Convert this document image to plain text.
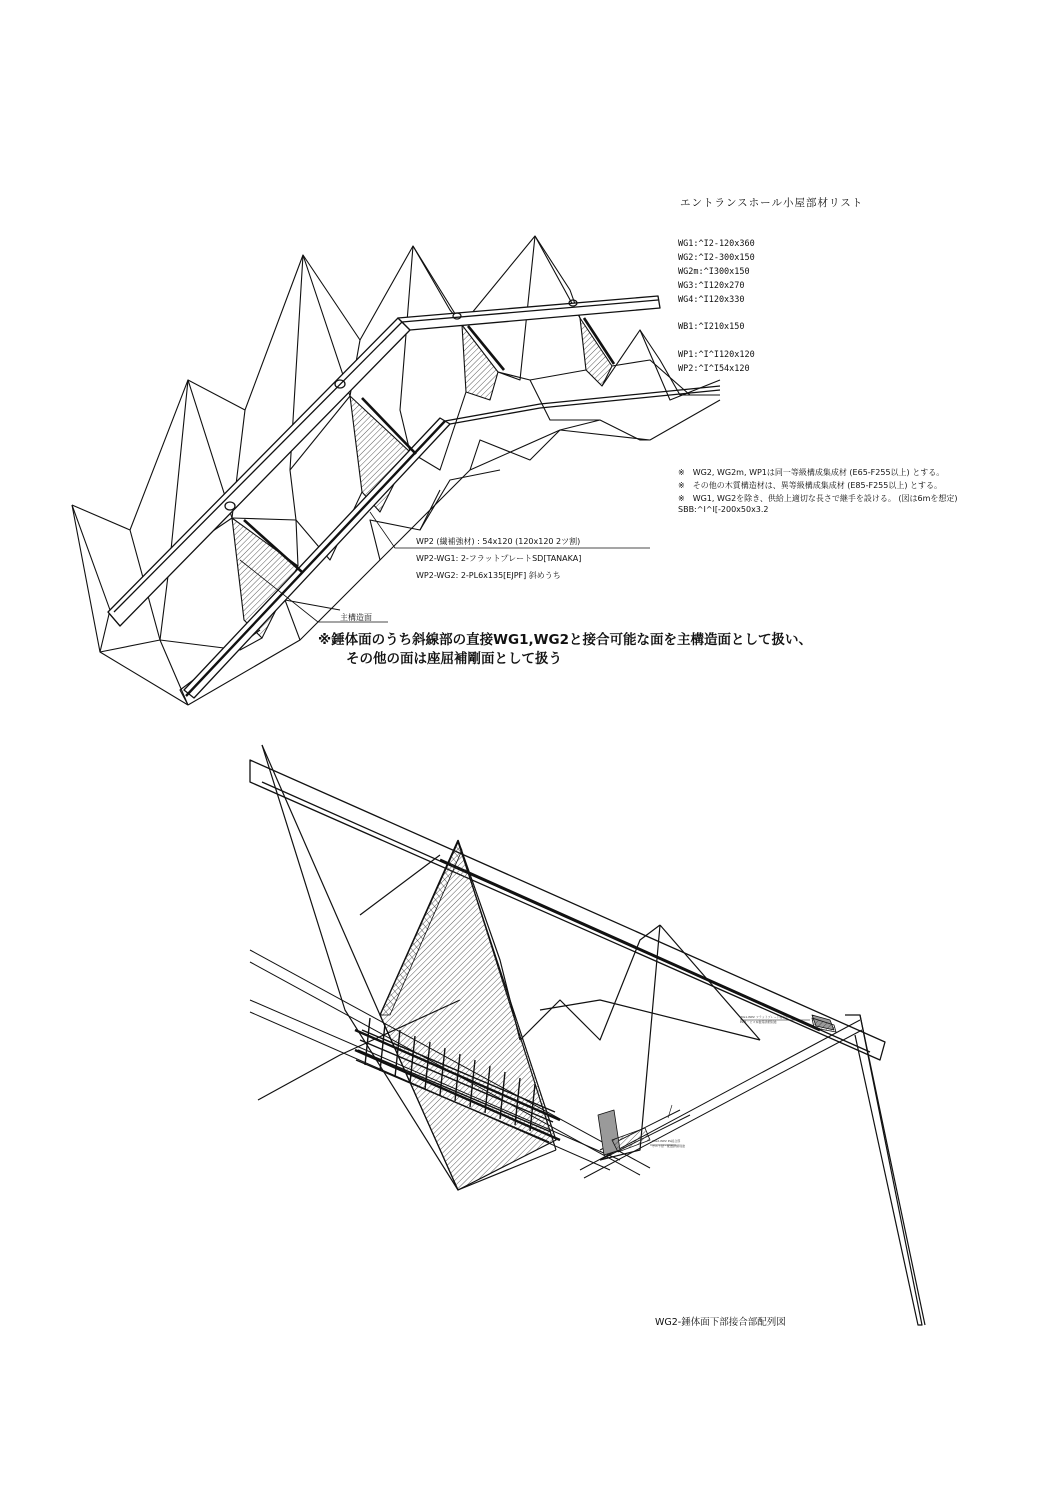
エントランスホール小屋部材リスト
WG1:^I2-120x360
WG2:^I2-300x150
WG2m:^I300x150
WG3:^I120x270
WG4:^I120x330
WB1:^I210x150
WP1:^I^I120x120
WP2:^I^I54x120
※　WG2, WG2m, WP1は同一等級構成集成材 (E65-F255以上) とする。
※　その他の木質構造材は、異等級構成集成材 (E85-F255以上) とする。
※　WG1, WG2を除き、供給上適切な長さで継手を設ける。 (図は6mを想定)
SBB:^I^I[-200x50x3.2
WP2 (繊補強材) : 54x120 (120x120 2ツ割)
WP2-WG1: 2-フラットプレートSD[TANAKA]
WP2-WG2: 2-PL6x135[EJPF] 斜めうち
主構造面
※錘体面のうち斜線部の直接WG1,WG2と接合可能な面を主構造面として扱い、
その他の面は座屈補剛面として扱う
WG1-WP2 フラットプレート接合部
PL厚・ビス本数等詳細別途
WG2-WP2 PL接合部
ボルト径・配置詳細別途
WG2-錘体面下部接合部配列図
